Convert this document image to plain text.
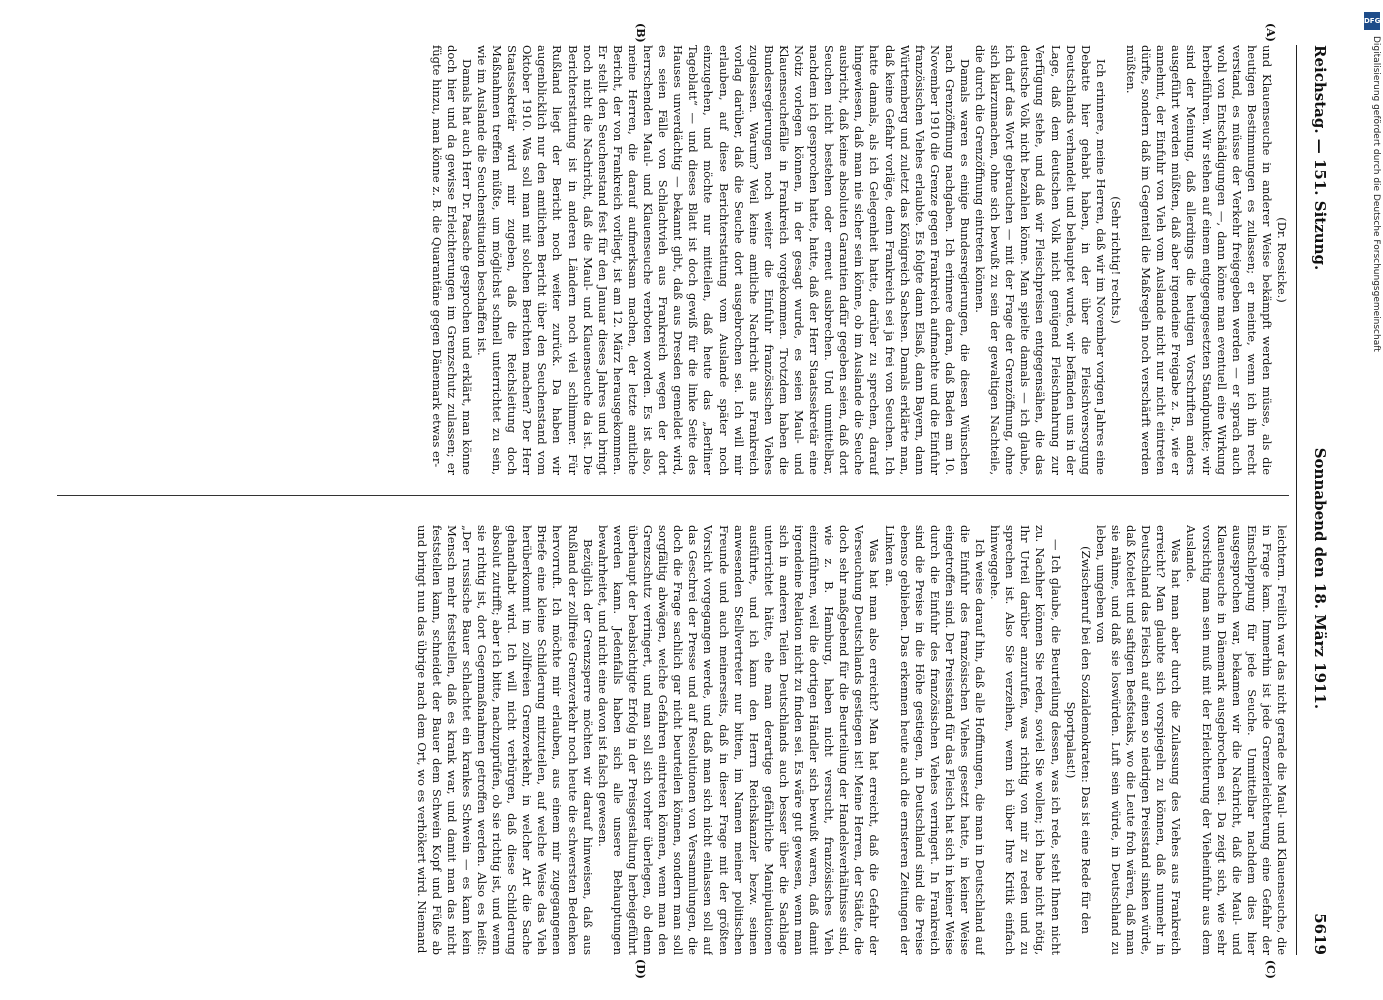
Reichstag. — 151. Sitzung.
Sonnabend den 18. März 1911.
5619

(Dr. Roesicke.)

und Klauenseuche in anderer Weise bekämpft werden müsse, als die heutigen Bestimmungen es zulassen; er meinte, wenn ich ihn recht verstand, es müsse der Verkehr freigegeben werden — er sprach auch wohl von Entschädigungen —, dann könne man eventuell eine Wirkung herbeiführen. Wir stehen auf einem entgegengesetzten Standpunkte; wir sind der Meinung, daß allerdings die heutigen Vorschriften anders ausgeführt werden müßten, daß aber irgendeine Freigabe z. B., wie er annehmt, der Einfuhr von Vieh vom Auslande nicht nur nicht eintreten dürfte, sondern daß im Gegenteil die Maßregeln noch verschärft werden müßten.

(Sehr richtig! rechts.)

Ich erinnere, meine Herren, daß wir im November vorigen Jahres eine Debatte hier gehabt haben, in der über die Fleischversorgung Deutschlands verhandelt und behauptet wurde, wir befänden uns in der Lage, daß dem deutschen Volk nicht genügend Fleischnahrung zur Verfügung stehe, und daß wir Fleischpreisen entgegensähen, die das deutsche Volk nicht bezahlen könne. Man spielte damals — ich glaube, ich darf das Wort gebrauchen — mit der Frage der Grenzöffnung, ohne sich klarzumachen, ohne sich bewußt zu sein der gewaltigen Nachteile, die durch die Grenzöffnung eintreten können.

Damals waren es einige Bundesregierungen, die diesen Wünschen nach Grenzöffnung nachgaben. Ich erinnere daran, daß Baden am 10. November 1910 die Grenze gegen Frankreich aufmachte und die Einfuhr französischen Viehes erlaubte. Es folgte dann Elsaß, dann Bayern, dann Württemberg und zuletzt das Königreich Sachsen. Damals erklärte man, daß keine Gefahr vorläge, denn Frankreich sei ja frei von Seuchen. Ich hatte damals, als ich Gelegenheit hatte, darüber zu sprechen, darauf hingewiesen, daß man nie sicher sein könne, ob im Auslande die Seuche ausbricht, daß keine absoluten Garantien dafür gegeben seien, daß dort Seuchen nicht bestehen oder erneut ausbrechen. Und unmittelbar, nachdem ich gesprochen hatte, hatte, daß der Herr Staatssekretär eine Notiz vorlegen können, in der gesagt wurde, es seien Maul- und Klauenseuchefälle in Frankreich vorgekommen. Trotzdem haben die Bundesregierungen noch weiter die Einfuhr französischen Viehes zugelassen. Warum? Weil keine amtliche Nachricht aus Frankreich vorlag darüber, daß die Seuche dort ausgebrochen sei. Ich will mir erlauben, auf diese Berichterstattung vom Auslande später noch einzugehen, und möchte nur mitteilen, daß heute das „Berliner Tageblatt“ — und dieses Blatt ist doch gewiß für die linke Seite des Hauses unverdächtig — bekannt gibt, daß aus Dresden gemeldet wird, es seien Fälle von Schlachtvieh aus Frankreich wegen der dort herrschenden Maul- und Klauenseuche verboten worden. Es ist also, meine Herren, die darauf aufmerksam machen, der letzte amtliche Bericht, der von Frankreich vorliegt, ist am 12. März herausgekommen. Er stellt den Seuchenstand fest für den Januar dieses Jahres und bringt noch nicht die Nachricht, daß die Maul- und Klauenseuche da ist. Die Berichterstattung ist in anderen Ländern noch viel schlimmer. Für Rußland liegt der Bericht noch weiter zurück. Da haben wir augenblicklich nur den amtlichen Bericht über den Seuchenstand vom Oktober 1910. Was soll man mit solchen Berichten machen? Der Herr Staatssekretär wird mir zugeben, daß die Reichsleitung doch Maßnahmen treffen müßte, um möglichst schnell unterrichtet zu sein, wie im Auslande die Seuchensituation beschaffen ist.

Damals hat auch Herr Dr. Paasche gesprochen und erklärt, man könne doch hier und da gewisse Erleichterungen im Grenzschutz zulassen; er fügte hinzu, man könne z. B. die Quarantäne gegen Dänemark etwas er-

leichtern. Freilich war das nicht gerade die Maul- und Klauenseuche, die in Frage kam. Immerhin ist jede Grenzerleichterung eine Gefahr der Einschleppung für jede Seuche. Unmittelbar nachdem dies hier ausgesprochen war, bekamen wir die Nachricht, daß die Maul- und Klauenseuche in Dänemark ausgebrochen sei. Da zeigt sich, wie sehr vorsichtig man sein muß mit der Erleichterung der Vieheinfuhr aus dem Auslande.

Was hat man aber durch die Zulassung des Viehes aus Frankreich erreicht? Man glaubte sich vorspiegeln zu können, daß nunmehr in Deutschland das Fleisch auf einen so niedrigen Preisstand sinken würde, daß Kotelett und saftigen Beefsteaks, wo die Leute froh wären, daß man sie nähme, und daß sie loswürden. Luft sein würde, in Deutschland zu leben, umgeben von

(Zwischenruf bei den Sozialdemokraten: Das ist eine Rede für den Sportpalast!)

— Ich glaube, die Beurteilung dessen, was ich rede, steht Ihnen nicht zu. Nachher können Sie reden, soviel Sie wollen; ich habe nicht nötig, Ihr Urteil darüber anzurufen, was richtig von mir zu reden und zu sprechen ist. Also Sie verzeihen, wenn ich über Ihre Kritik einfach hinweggehe.

Ich weise darauf hin, daß alle Hoffnungen, die man in Deutschland auf die Einfuhr des französischen Viehes gesetzt hatte, in keiner Weise eingetroffen sind. Der Preisstand für das Fleisch hat sich in keiner Weise durch die Einfuhr des französischen Viehes verringert. In Frankreich sind die Preise in die Höhe gestiegen, in Deutschland sind die Preise ebenso geblieben. Das erkennen heute auch die ernsteren Zeitungen der Linken an.

Was hat man also erreicht? Man hat erreicht, daß die Gefahr der Verseuchung Deutschlands gestiegen ist! Meine Herren, der Städte, die doch sehr maßgebend für die Beurteilung der Handelsverhältnisse sind, wie z. B. Hamburg, haben nicht versucht, französisches Vieh einzuführen, weil die dortigen Händler sich bewußt waren, daß damit irgendeine Relation nicht zu finden sei. Es wäre gut gewesen, wenn man sich in anderen Teilen Deutschlands auch besser über die Sachlage unterrichtet hätte, ehe man derartige gefährliche Manipulationen ausführte, und ich kann den Herrn Reichskanzler bezw. seinen anwesenden Stellvertreter nur bitten, im Namen meiner politischen Freunde und auch meinerseits, daß in dieser Frage mit der größten Vorsicht vorgegangen werde, und daß man sich nicht einlassen soll auf das Geschrei der Presse und auf Resolutionen von Versammlungen, die doch die Frage sachlich gar nicht beurteilen können, sondern man soll sorgfältig abwägen, welche Gefahren eintreten können, wenn man den Grenzschutz verringert, und man soll sich vorher überlegen, ob denn überhaupt der beabsichtigte Erfolg in der Preisgestaltung herbeigeführt werden kann. Jedenfalls haben sich alle unsere Behauptungen bewahrheitet, und nicht eine davon ist falsch gewesen.

Bezüglich der Grenzsperre möchten wir darauf hinweisen, daß aus Rußland der zollfreie Grenzverkehr noch heute die schwersten Bedenken hervorruft. Ich möchte mir erlauben, aus einem mir zugegangenen Briefe eine kleine Schilderung mitzuteilen, auf welche Weise das Vieh herüberkommt im zollfreien Grenzverkehr, in welcher Art die Sache gehandhabt wird. Ich will nicht verbürgen, daß diese Schilderung absolut zutrifft; aber ich bitte, nachzuprüfen, ob sie richtig ist, und wenn sie richtig ist, dort Gegenmaßnahmen getroffen werden. Also es heißt: „Der russische Bauer schlachtet ein krankes Schwein — es kann kein Mensch mehr feststellen, daß es krank war, und damit man das nicht feststellen kann, schneidet der Bauer dem Schwein Kopf und Füße ab und bringt nun das übrige nach dem Ort, wo es verhökert wird. Niemand

(A)
(B)
(C)
(D)
DFG
Digitalisierung gefördert durch die Deutsche Forschungsgemeinschaft
